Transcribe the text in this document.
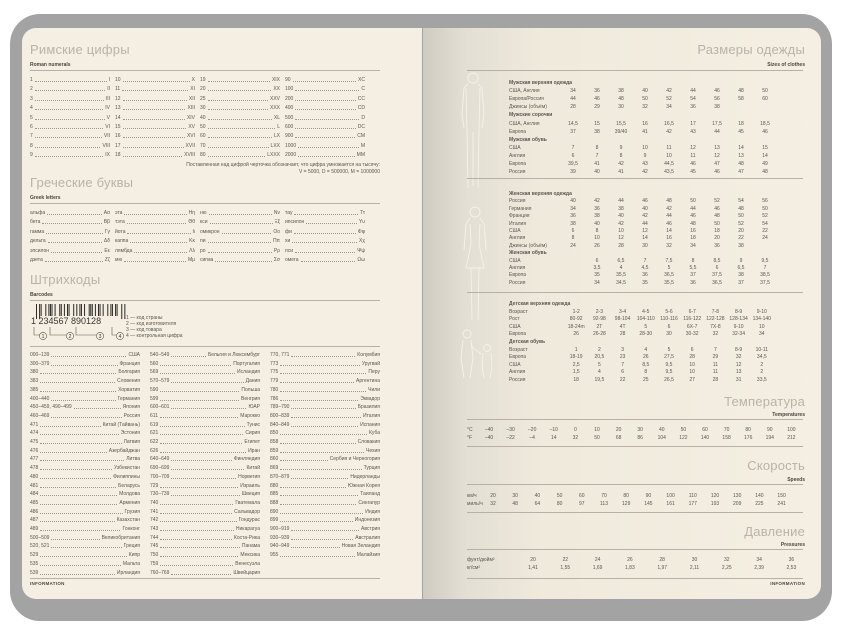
Римские цифры
Roman numerals
1	I
2	II
3	III
4	IV
5	V
6	VI
7	VII
8	VIII
9	IX
10	X
11	XI
12	XII
13	XIII
14	XIV
15	XV
16	XVI
17	XVII
18	XVIII
19	XIX
20	XX
25	XXV
30	XXX
40	XL
50	L
60	LX
70	LXX
80	LXXX
90	XC
100	C
200	CC
400	CD
500	D
600	DC
900	CM
1000	M
2000	MM
Поставленная над цифрой черточка обозначает, что цифра умножается на тысячу:
V = 5000, D = 500000, M = 1000000
Греческие буквы
Greek letters
альфа	Αα
бета	Ββ
гамма	Γγ
дельта	Δδ
эпсилон	Εε
дзета	Ζζ
эта	Ηη
тэта	Θθ
йота	Ιι
каппа	Κκ
лямбда	Λλ
мю	Μμ
ню	Νν
кси	Ξξ
омикрон	Οο
пи	Ππ
ро	Ρρ
сигма	Σσ
тау	Ττ
ипсилон	Υυ
фи	Φφ
хи	Χχ
пси	Ψψ
омега	Ωω
Штрихкоды
Barcodes
1 234567 890128
1	2	3	4
1 — код страны
2 — код изготовителя
3 — код товара
4 — контрольная цифра
000–139	США
300–379	Франция
380	Болгария
383	Словения
385	Хорватия
400–440	Германия
450–459, 490–499	Япония
460–469	Россия
471	Китай (Тайвань)
474	Эстония
475	Латвия
476	Азербайджан
477	Литва
478	Узбекистан
480	Филиппины
481	Беларусь
484	Молдова
485	Армения
486	Грузия
487	Казахстан
489	Гонконг
500–509	Великобритания
520, 521	Греция
529	Кипр
535	Мальта
539	Ирландия
540–549	Бельгия и Люксембург
560	Португалия
569	Исландия
570–579	Дания
590	Польша
599	Венгрия
600–601	ЮАР
611	Марокко
619	Тунис
621	Сирия
622	Египет
626	Иран
640–649	Финляндия
690–699	Китай
700–709	Норвегия
729	Израиль
730–739	Швеция
740	Гватемала
741	Сальвадор
742	Гондурас
743	Никарагуа
744	Коста-Рика
745	Панама
750	Мексика
759	Венесуэла
760–769	Швейцария
770, 771	Колумбия
773	Уругвай
775	Перу
779	Аргентина
780	Чили
786	Эквадор
789–790	Бразилия
800–839	Италия
840–849	Испания
850	Куба
858	Словакия
859	Чехия
860	Сербия и Черногория
869	Турция
870–879	Нидерланды
880	Южная Корея
885	Таиланд
888	Сингапур
890	Индия
899	Индонезия
900–919	Австрия
930–939	Австралия
940–949	Новая Зеландия
955	Малайзия
INFORMATION
Размеры одежды
Sizes of clothes
Мужская верхняя одежда
США, Англия	34	36	38	40	42	44	46	48	50
Европа/Россия	44	46	48	50	52	54	56	58	60
Джинсы (объём)	28	29	30	32	34	36	38
Мужские сорочки
США, Англия	14,5	15	15,5	16	16,5	17	17,5	18	18,5
Европа	37	38	39/40	41	42	43	44	45	46
Мужская обувь
США	7	8	9	10	11	12	13	14	15
Англия	6	7	8	9	10	11	12	13	14
Европа	39,5	41	42	43	44,5	46	47	48	49
Россия	39	40	41	42	43,5	45	46	47	48
Женская верхняя одежда
Россия	40	42	44	46	48	50	52	54	56
Германия	34	36	38	40	42	44	46	48	50
Франция	36	38	40	42	44	46	48	50	52
Италия	38	40	42	44	46	48	50	52	54
США	6	8	10	12	14	16	18	20	22
Англия	8	10	12	14	16	18	20	22	24
Джинсы (объём)	24	26	28	30	32	34	36	38
Женская обувь
США	6	6,5	7	7,5	8	8,5	9	9,5
Англия	3,5	4	4,5	5	5,5	6	6,5	7
Европа	35	35,5	36	36,5	37	37,5	38	38,5
Россия	34	34,5	35	35,5	36	36,5	37	37,5
Детская верхняя одежда
Возраст	1-2	2-3	3-4	4-5	5-6	6-7	7-8	8-9	9-10
Рост	80-92	92-98	98-104	104-110 110-116 116-122 122-128 128-134 134-140
США	18-24m	2T	4T	5	6	6X-7	7X-8	9-10	10
Европа	26	26-28	28	28-30	30	30-32	32	32-34	34
Детская обувь
Возраст	1	2	3	4	5	6	7	8-9	10-11
Европа	18-19	20,5	23	26	27,5	28	29	32	34,5
США	2,5	5	7	8,5	9,5	10	11	12	2
Англия	1,5	4	6	8	9,5	10	11	13	2
Россия	18	19,5	22	25	26,5	27	28	31	33,5
Температура
Temperatures
°C	–40	–30	–20	–10	0	10	20	30	40	50	60	70	80	90	100
°F	–40	–22	–4	14	32	50	68	86	104	122	140	158	176	194	212
Скорость
Speeds
км/ч	20	30	40	50	60	70	80	90	100	110	120	130	140	150
миль/ч	32	48	64	80	97	113	129	145	161	177	193	209	225	241
Давление
Pressures
фунт/дюйм²	20	22	24	26	28	30	32	34	36
кг/см²	1,41	1,55	1,69	1,83	1,97	2,11	2,25	2,39	2,53
INFORMATION
